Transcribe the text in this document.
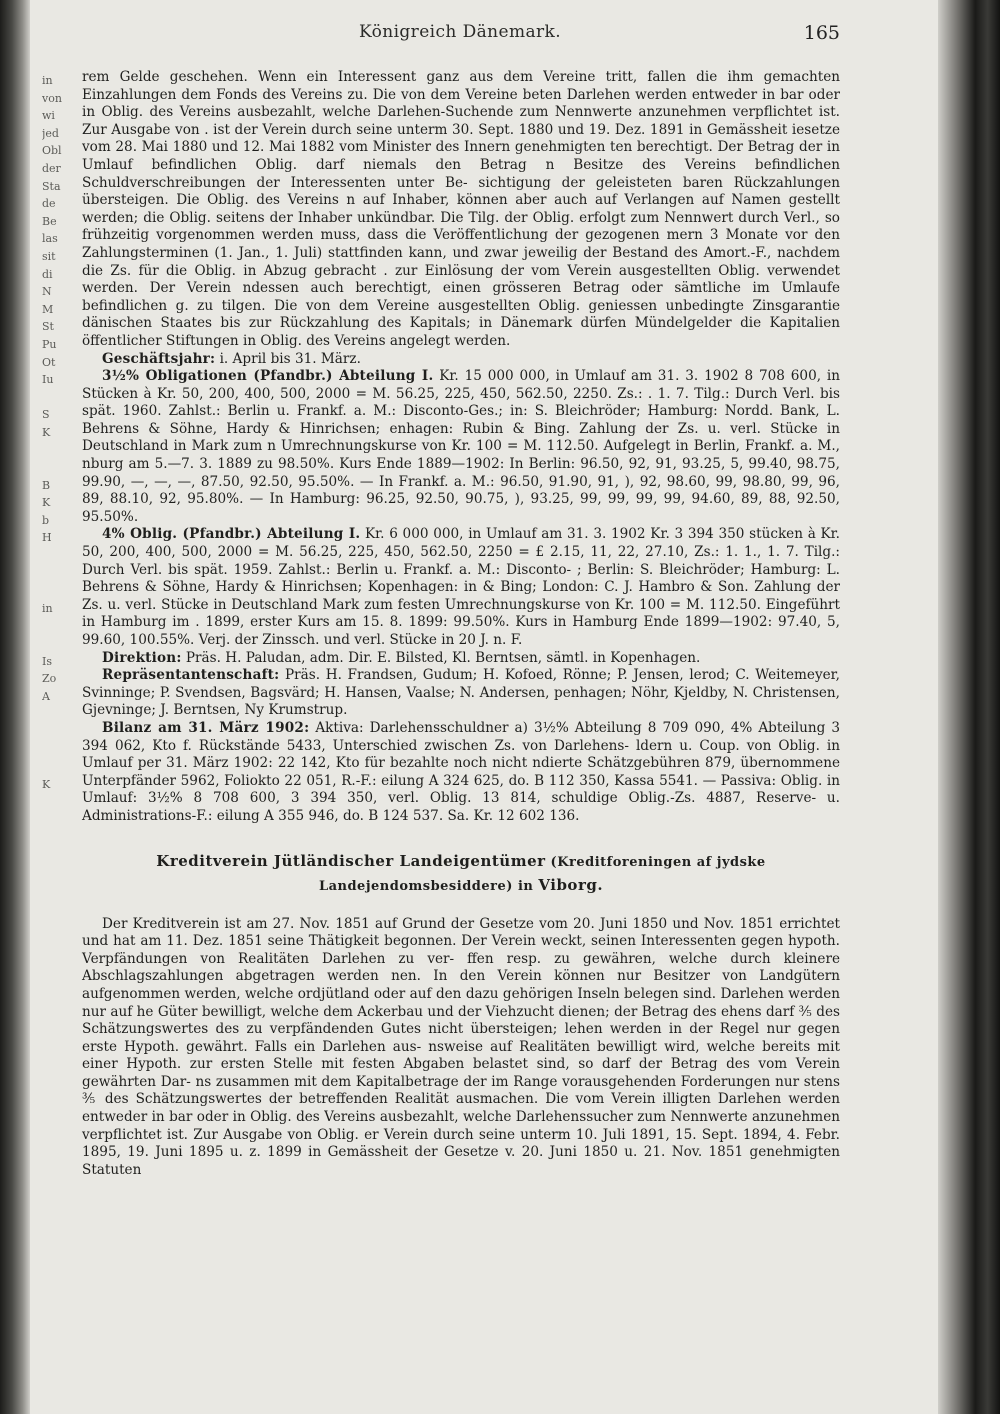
in
von
wi
jed
Obl
der
Sta
de
Be
las
sit
di
N
M
St
Pu
Ot
Iu
S
K
B
K
b
H
in
Is
Zo
A
K
Königreich Dänemark.	165

rem Gelde geschehen. Wenn ein Interessent ganz aus dem Vereine tritt, fallen die ihm gemachten Einzahlungen dem Fonds des Vereins zu. Die von dem Vereine beten Darlehen werden entweder in bar oder in Oblig. des Vereins ausbezahlt, welche Darlehen-Suchende zum Nennwerte anzunehmen verpflichtet ist. Zur Ausgabe von . ist der Verein durch seine unterm 30. Sept. 1880 und 19. Dez. 1891 in Gemässheit iesetze vom 28. Mai 1880 und 12. Mai 1882 vom Minister des Innern genehmigten ten berechtigt. Der Betrag der in Umlauf befindlichen Oblig. darf niemals den Betrag n Besitze des Vereins befindlichen Schuldverschreibungen der Interessenten unter Be- sichtigung der geleisteten baren Rückzahlungen übersteigen. Die Oblig. des Vereins n auf Inhaber, können aber auch auf Verlangen auf Namen gestellt werden; die Oblig. seitens der Inhaber unkündbar. Die Tilg. der Oblig. erfolgt zum Nennwert durch Verl., so frühzeitig vorgenommen werden muss, dass die Veröffentlichung der gezogenen mern 3 Monate vor den Zahlungsterminen (1. Jan., 1. Juli) stattfinden kann, und zwar jeweilig der Bestand des Amort.-F., nachdem die Zs. für die Oblig. in Abzug gebracht . zur Einlösung der vom Verein ausgestellten Oblig. verwendet werden. Der Verein ndessen auch berechtigt, einen grösseren Betrag oder sämtliche im Umlaufe befindlichen g. zu tilgen. Die von dem Vereine ausgestellten Oblig. geniessen unbedingte Zinsgarantie dänischen Staates bis zur Rückzahlung des Kapitals; in Dänemark dürfen Mündelgelder die Kapitalien öffentlicher Stiftungen in Oblig. des Vereins angelegt werden.

Geschäftsjahr: i. April bis 31. März.

3½% Obligationen (Pfandbr.) Abteilung I. Kr. 15 000 000, in Umlauf am 31. 3. 1902 8 708 600, in Stücken à Kr. 50, 200, 400, 500, 2000 = M. 56.25, 225, 450, 562.50, 2250. Zs.: . 1. 7. Tilg.: Durch Verl. bis spät. 1960. Zahlst.: Berlin u. Frankf. a. M.: Disconto-Ges.; in: S. Bleichröder; Hamburg: Nordd. Bank, L. Behrens & Söhne, Hardy & Hinrichsen; enhagen: Rubin & Bing. Zahlung der Zs. u. verl. Stücke in Deutschland in Mark zum n Umrechnungskurse von Kr. 100 = M. 112.50. Aufgelegt in Berlin, Frankf. a. M., nburg am 5.—7. 3. 1889 zu 98.50%. Kurs Ende 1889—1902: In Berlin: 96.50, 92, 91, 93.25, 5, 99.40, 98.75, 99.90, —, —, —, 87.50, 92.50, 95.50%. — In Frankf. a. M.: 96.50, 91.90, 91, ), 92, 98.60, 99, 98.80, 99, 96, 89, 88.10, 92, 95.80%. — In Hamburg: 96.25, 92.50, 90.75, ), 93.25, 99, 99, 99, 99, 94.60, 89, 88, 92.50, 95.50%.

4% Oblig. (Pfandbr.) Abteilung I. Kr. 6 000 000, in Umlauf am 31. 3. 1902 Kr. 3 394 350 stücken à Kr. 50, 200, 400, 500, 2000 = M. 56.25, 225, 450, 562.50, 2250 = £ 2.15, 11, 22, 27.10, Zs.: 1. 1., 1. 7. Tilg.: Durch Verl. bis spät. 1959. Zahlst.: Berlin u. Frankf. a. M.: Disconto- ; Berlin: S. Bleichröder; Hamburg: L. Behrens & Söhne, Hardy & Hinrichsen; Kopenhagen: in & Bing; London: C. J. Hambro & Son. Zahlung der Zs. u. verl. Stücke in Deutschland Mark zum festen Umrechnungskurse von Kr. 100 = M. 112.50. Eingeführt in Hamburg im . 1899, erster Kurs am 15. 8. 1899: 99.50%. Kurs in Hamburg Ende 1899—1902: 97.40, 5, 99.60, 100.55%. Verj. der Zinssch. und verl. Stücke in 20 J. n. F.

Direktion: Präs. H. Paludan, adm. Dir. E. Bilsted, Kl. Berntsen, sämtl. in Kopenhagen.

Repräsentantenschaft: Präs. H. Frandsen, Gudum; H. Kofoed, Rönne; P. Jensen, lerod; C. Weitemeyer, Svinninge; P. Svendsen, Bagsvärd; H. Hansen, Vaalse; N. Andersen, penhagen; Nöhr, Kjeldby, N. Christensen, Gjevninge; J. Berntsen, Ny Krumstrup.

Bilanz am 31. März 1902: Aktiva: Darlehensschuldner a) 3½% Abteilung 8 709 090, 4% Abteilung 3 394 062, Kto f. Rückstände 5433, Unterschied zwischen Zs. von Darlehens- ldern u. Coup. von Oblig. in Umlauf per 31. März 1902: 22 142, Kto für bezahlte noch nicht ndierte Schätzgebühren 879, übernommene Unterpfänder 5962, Foliokto 22 051, R.-F.: eilung A 324 625, do. B 112 350, Kassa 5541. — Passiva: Oblig. in Umlauf: 3½% 8 708 600, 3 394 350, verl. Oblig. 13 814, schuldige Oblig.-Zs. 4887, Reserve- u. Administrations-F.: eilung A 355 946, do. B 124 537. Sa. Kr. 12 602 136.

Kreditverein Jütländischer Landeigentümer (Kreditforeningen af jydske Landejendomsbesiddere) in Viborg.

Der Kreditverein ist am 27. Nov. 1851 auf Grund der Gesetze vom 20. Juni 1850 und Nov. 1851 errichtet und hat am 11. Dez. 1851 seine Thätigkeit begonnen. Der Verein weckt, seinen Interessenten gegen hypoth. Verpfändungen von Realitäten Darlehen zu ver- ffen resp. zu gewähren, welche durch kleinere Abschlagszahlungen abgetragen werden nen. In den Verein können nur Besitzer von Landgütern aufgenommen werden, welche ordjütland oder auf den dazu gehörigen Inseln belegen sind. Darlehen werden nur auf he Güter bewilligt, welche dem Ackerbau und der Viehzucht dienen; der Betrag des ehens darf ⅗ des Schätzungswertes des zu verpfändenden Gutes nicht übersteigen; lehen werden in der Regel nur gegen erste Hypoth. gewährt. Falls ein Darlehen aus- nsweise auf Realitäten bewilligt wird, welche bereits mit einer Hypoth. zur ersten Stelle mit festen Abgaben belastet sind, so darf der Betrag des vom Verein gewährten Dar- ns zusammen mit dem Kapitalbetrage der im Range vorausgehenden Forderungen nur stens ⅗ des Schätzungswertes der betreffenden Realität ausmachen. Die vom Verein illigten Darlehen werden entweder in bar oder in Oblig. des Vereins ausbezahlt, welche Darlehenssucher zum Nennwerte anzunehmen verpflichtet ist. Zur Ausgabe von Oblig. er Verein durch seine unterm 10. Juli 1891, 15. Sept. 1894, 4. Febr. 1895, 19. Juni 1895 u. z. 1899 in Gemässheit der Gesetze v. 20. Juni 1850 u. 21. Nov. 1851 genehmigten Statuten
